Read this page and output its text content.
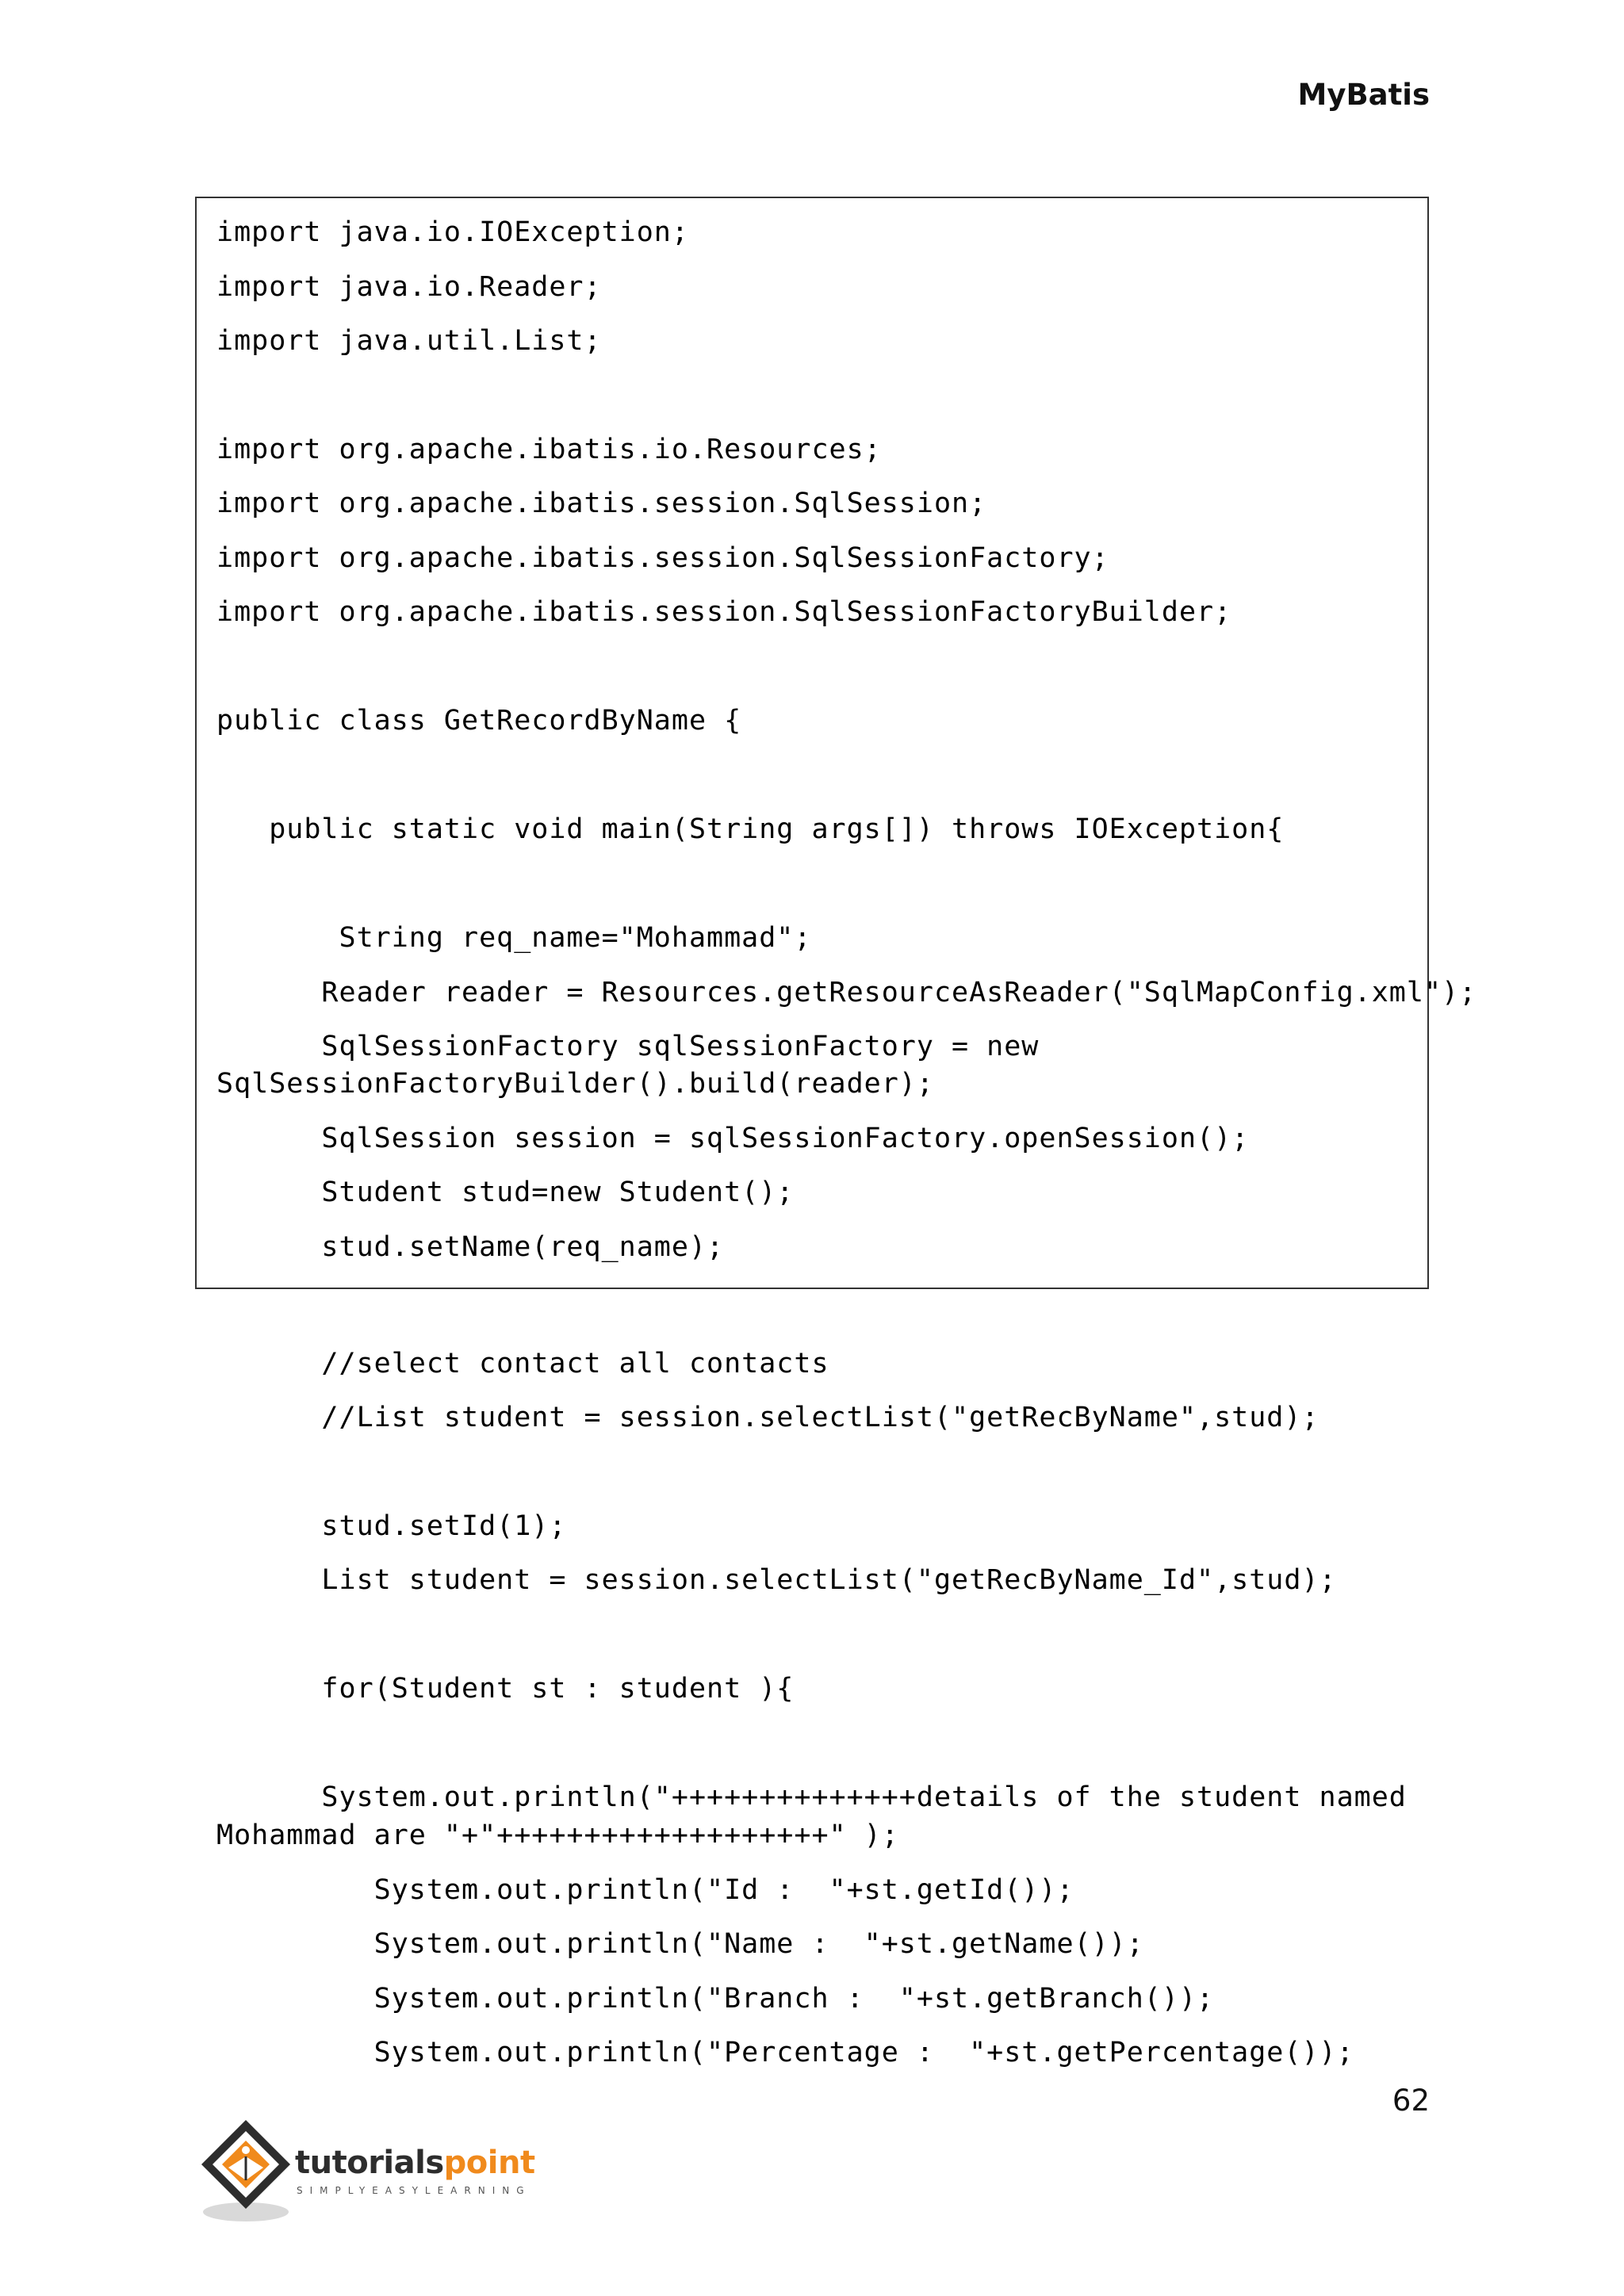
MyBatis
import java.io.IOException;
import java.io.Reader;
import java.util.List;
import org.apache.ibatis.io.Resources;
import org.apache.ibatis.session.SqlSession;
import org.apache.ibatis.session.SqlSessionFactory;
import org.apache.ibatis.session.SqlSessionFactoryBuilder;
public class GetRecordByName {
public static void main(String args[]) throws IOException{
String req_name="Mohammad";
Reader reader = Resources.getResourceAsReader("SqlMapConfig.xml");
SqlSessionFactory sqlSessionFactory = new
SqlSessionFactoryBuilder().build(reader);
SqlSession session = sqlSessionFactory.openSession();
Student stud=new Student();
stud.setName(req_name);
//select contact all contacts
//List student = session.selectList("getRecByName",stud);
stud.setId(1);
List student = session.selectList("getRecByName_Id",stud);
for(Student st : student ){
System.out.println("++++++++++++++details of the student named
Mohammad are "+"+++++++++++++++++++" );
System.out.println("Id :  "+st.getId());
System.out.println("Name :  "+st.getName());
System.out.println("Branch :  "+st.getBranch());
System.out.println("Percentage :  "+st.getPercentage());
62
tutorialspoint
SIMPLYEASYLEARNING
